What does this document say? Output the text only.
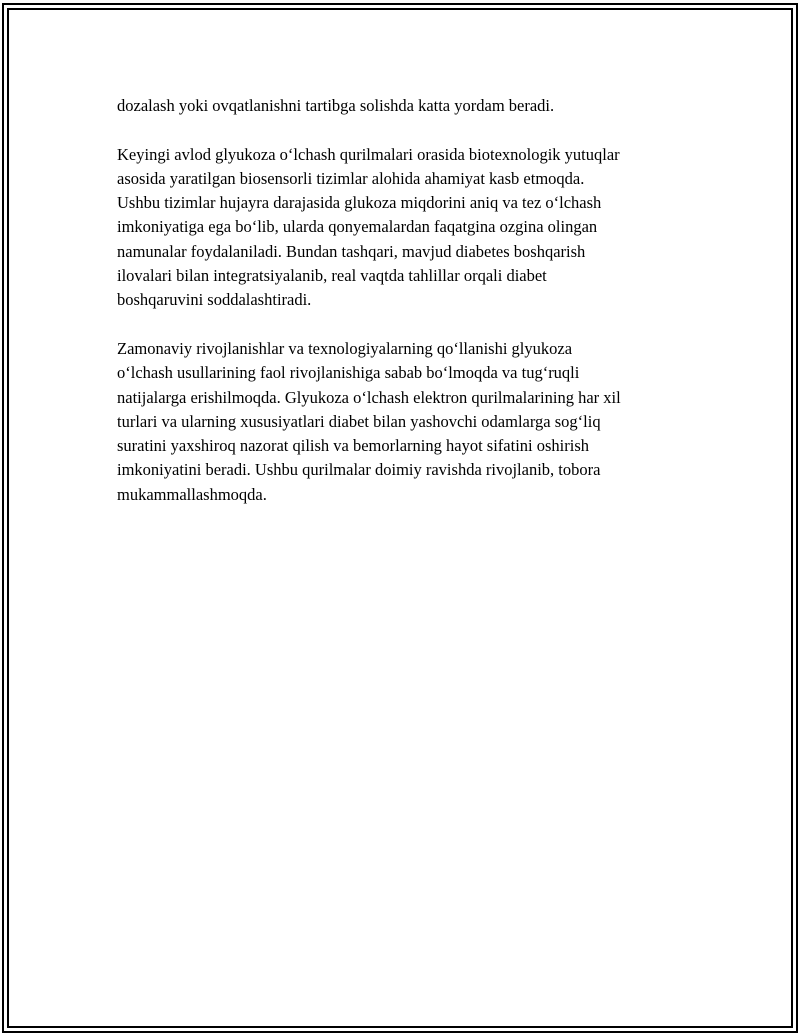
dozalash yoki ovqatlanishni tartibga solishda katta yordam beradi.

Keyingi avlod glyukoza o‘lchash qurilmalari orasida biotexnologik yutuqlar
asosida yaratilgan biosensorli tizimlar alohida ahamiyat kasb etmoqda.
Ushbu tizimlar hujayra darajasida glukoza miqdorini aniq va tez o‘lchash
imkoniyatiga ega bo‘lib, ularda qonyemalardan faqatgina ozgina olingan
namunalar foydalaniladi. Bundan tashqari, mavjud diabetes boshqarish
ilovalari bilan integratsiyalanib, real vaqtda tahlillar orqali diabet
boshqaruvini soddalashtiradi.

Zamonaviy rivojlanishlar va texnologiyalarning qo‘llanishi glyukoza
o‘lchash usullarining faol rivojlanishiga sabab bo‘lmoqda va tug‘ruqli
natijalarga erishilmoqda. Glyukoza o‘lchash elektron qurilmalarining har xil
turlari va ularning xususiyatlari diabet bilan yashovchi odamlarga sog‘liq
suratini yaxshiroq nazorat qilish va bemorlarning hayot sifatini oshirish
imkoniyatini beradi. Ushbu qurilmalar doimiy ravishda rivojlanib, tobora
mukammallashmoqda.
